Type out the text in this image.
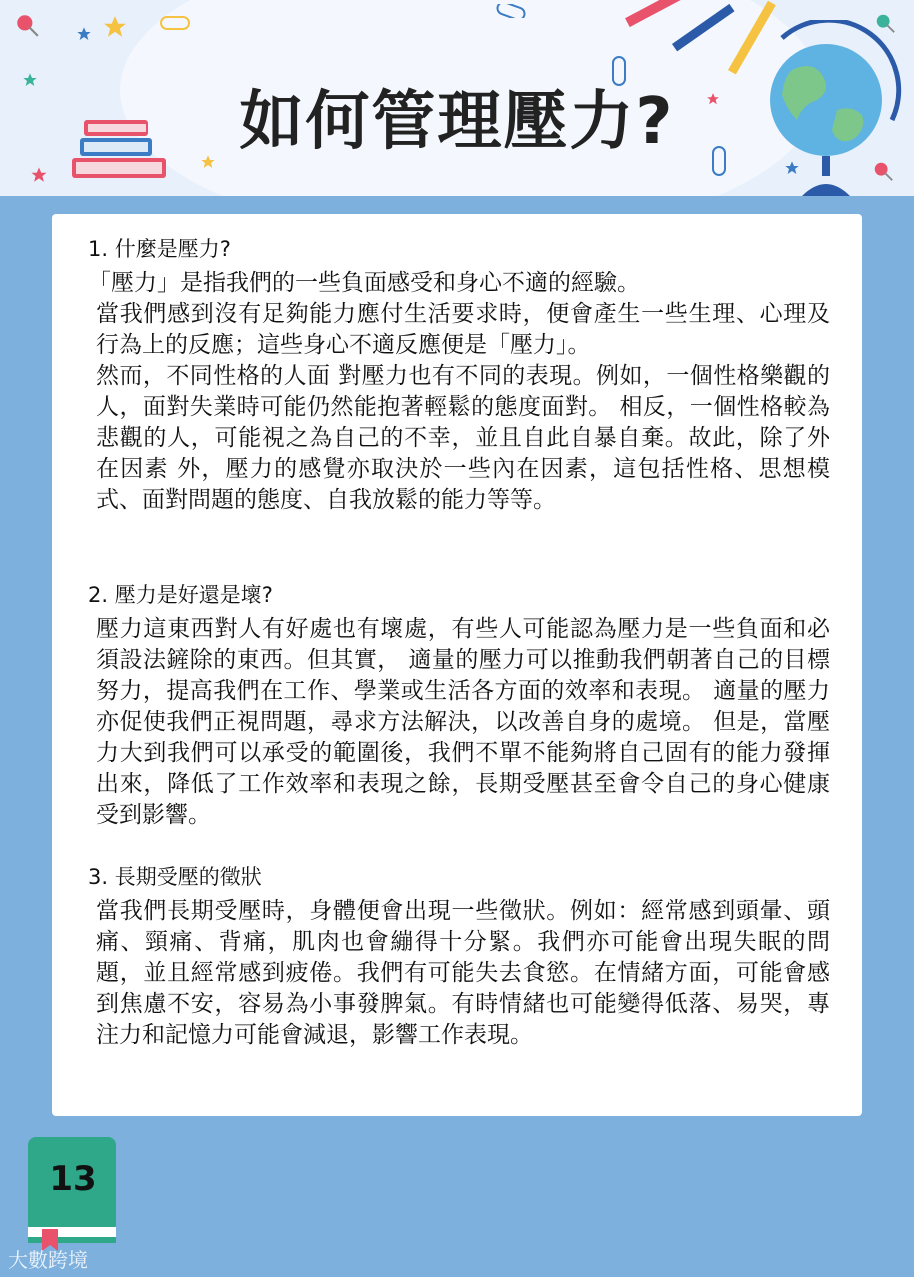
如何管理壓力?
1. 什麼是壓力?

「壓力」是指我們的一些負面感受和身心不適的經驗。

當我們感到沒有足夠能力應付生活要求時，便會產生一些生理、心理及行為上的反應；這些身心不適反應便是「壓力」。

然而，不同性格的人面 對壓力也有不同的表現。例如，一個性格樂觀的人，面對失業時可能仍然能抱著輕鬆的態度面對。 相反，一個性格較為悲觀的人，可能視之為自己的不幸，並且自此自暴自棄。故此，除了外在因素 外，壓力的感覺亦取決於一些內在因素，這包括性格、思想模式、面對問題的態度、自我放鬆的能力等等。

2. 壓力是好還是壞?

壓力這東西對人有好處也有壞處，有些人可能認為壓力是一些負面和必須設法鏟除的東西。但其實， 適量的壓力可以推動我們朝著自己的目標努力，提高我們在工作、學業或生活各方面的效率和表現。 適量的壓力亦促使我們正視問題，尋求方法解決，以改善自身的處境。 但是，當壓力大到我們可以承受的範圍後，我們不單不能夠將自己固有的能力發揮出來，降低了工作效率和表現之餘，長期受壓甚至會令自己的身心健康受到影響。

3. 長期受壓的徵狀

當我們長期受壓時，身體便會出現一些徵狀。例如：經常感到頭暈、頭痛、頸痛、背痛，肌肉也會繃得十分緊。我們亦可能會出現失眠的問題，並且經常感到疲倦。我們有可能失去食慾。在情緒方面，可能會感到焦慮不安，容易為小事發脾氣。有時情緒也可能變得低落、易哭，專注力和記憶力可能會減退，影響工作表現。

13
大數跨境
